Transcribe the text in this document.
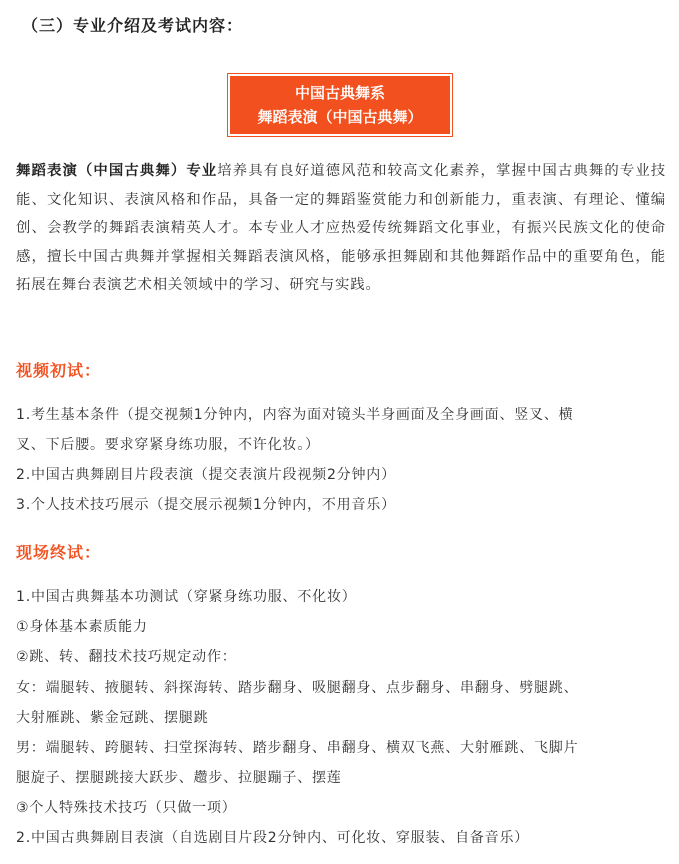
（三）专业介绍及考试内容：
中国古典舞系
舞蹈表演（中国古典舞）
舞蹈表演（中国古典舞）专业培养具有良好道德风范和较高文化素养，掌握中国古典舞的专业技能、文化知识、表演风格和作品，具备一定的舞蹈鉴赏能力和创新能力，重表演、有理论、懂编创、会教学的舞蹈表演精英人才。本专业人才应热爱传统舞蹈文化事业，有振兴民族文化的使命感，擅长中国古典舞并掌握相关舞蹈表演风格，能够承担舞剧和其他舞蹈作品中的重要角色，能拓展在舞台表演艺术相关领域中的学习、研究与实践。
视频初试：
1.考生基本条件（提交视频1分钟内，内容为面对镜头半身画面及全身画面、竖叉、横
叉、下后腰。要求穿紧身练功服，不许化妆。）
2.中国古典舞剧目片段表演（提交表演片段视频2分钟内）
3.个人技术技巧展示（提交展示视频1分钟内，不用音乐）
现场终试：
1.中国古典舞基本功测试（穿紧身练功服、不化妆）
①身体基本素质能力
②跳、转、翻技术技巧规定动作：
女：端腿转、掖腿转、斜探海转、踏步翻身、吸腿翻身、点步翻身、串翻身、劈腿跳、
大射雁跳、紫金冠跳、摆腿跳
男：端腿转、跨腿转、扫堂探海转、踏步翻身、串翻身、横双飞燕、大射雁跳、飞脚片
腿旋子、摆腿跳接大跃步、趱步、拉腿蹦子、摆莲
③个人特殊技术技巧（只做一项）
2.中国古典舞剧目表演（自选剧目片段2分钟内、可化妆、穿服装、自备音乐）
